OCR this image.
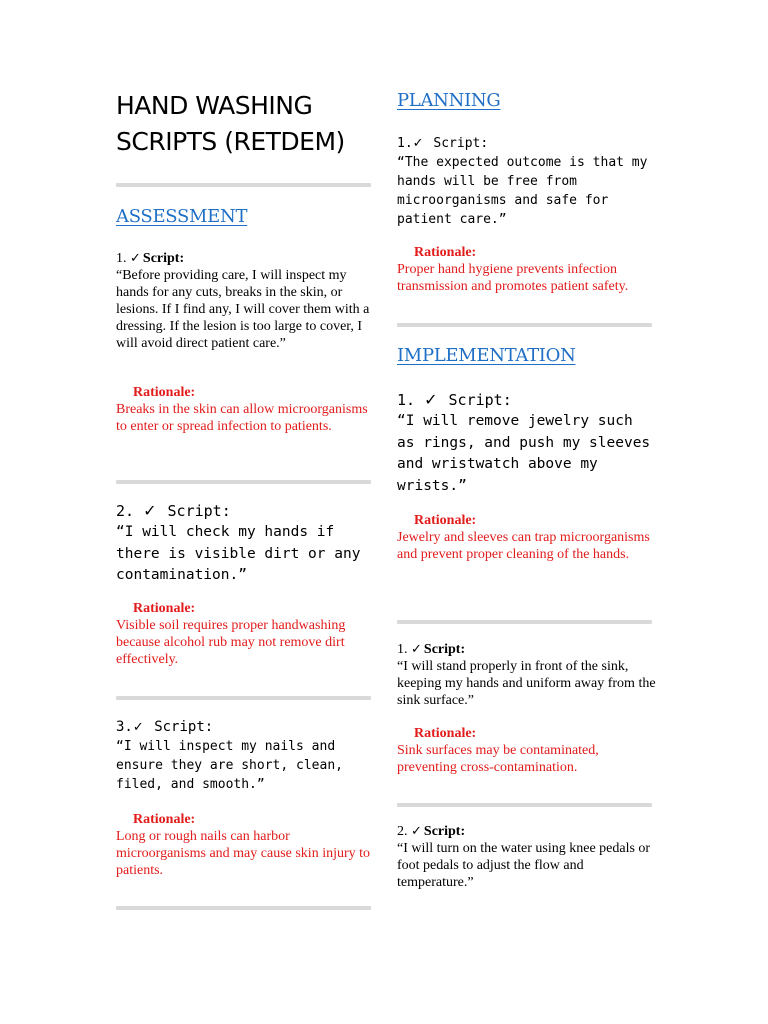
HAND WASHING SCRIPTS (RETDEM)
ASSESSMENT
1. ✓ Script:
“Before providing care, I will inspect my hands for any cuts, breaks in the skin, or lesions. If I find any, I will cover them with a dressing. If the lesion is too large to cover, I will avoid direct patient care.”
Rationale:
Breaks in the skin can allow microorganisms to enter or spread infection to patients.
2. ✓ Script:
“I will check my hands if there is visible dirt or any contamination.”
Rationale:
Visible soil requires proper handwashing because alcohol rub may not remove dirt effectively.
3.✓ Script:
“I will inspect my nails and ensure they are short, clean, filed, and smooth.”
Rationale:
Long or rough nails can harbor microorganisms and may cause skin injury to patients.
PLANNING
1.✓ Script:
“The expected outcome is that my hands will be free from microorganisms and safe for patient care.”
Rationale:
Proper hand hygiene prevents infection transmission and promotes patient safety.
IMPLEMENTATION
1. ✓ Script:
“I will remove jewelry such as rings, and push my sleeves and wristwatch above my wrists.”
Rationale:
Jewelry and sleeves can trap microorganisms and prevent proper cleaning of the hands.
1. ✓ Script:
“I will stand properly in front of the sink, keeping my hands and uniform away from the sink surface.”
Rationale:
Sink surfaces may be contaminated, preventing cross-contamination.
2. ✓ Script:
“I will turn on the water using knee pedals or foot pedals to adjust the flow and temperature.”
